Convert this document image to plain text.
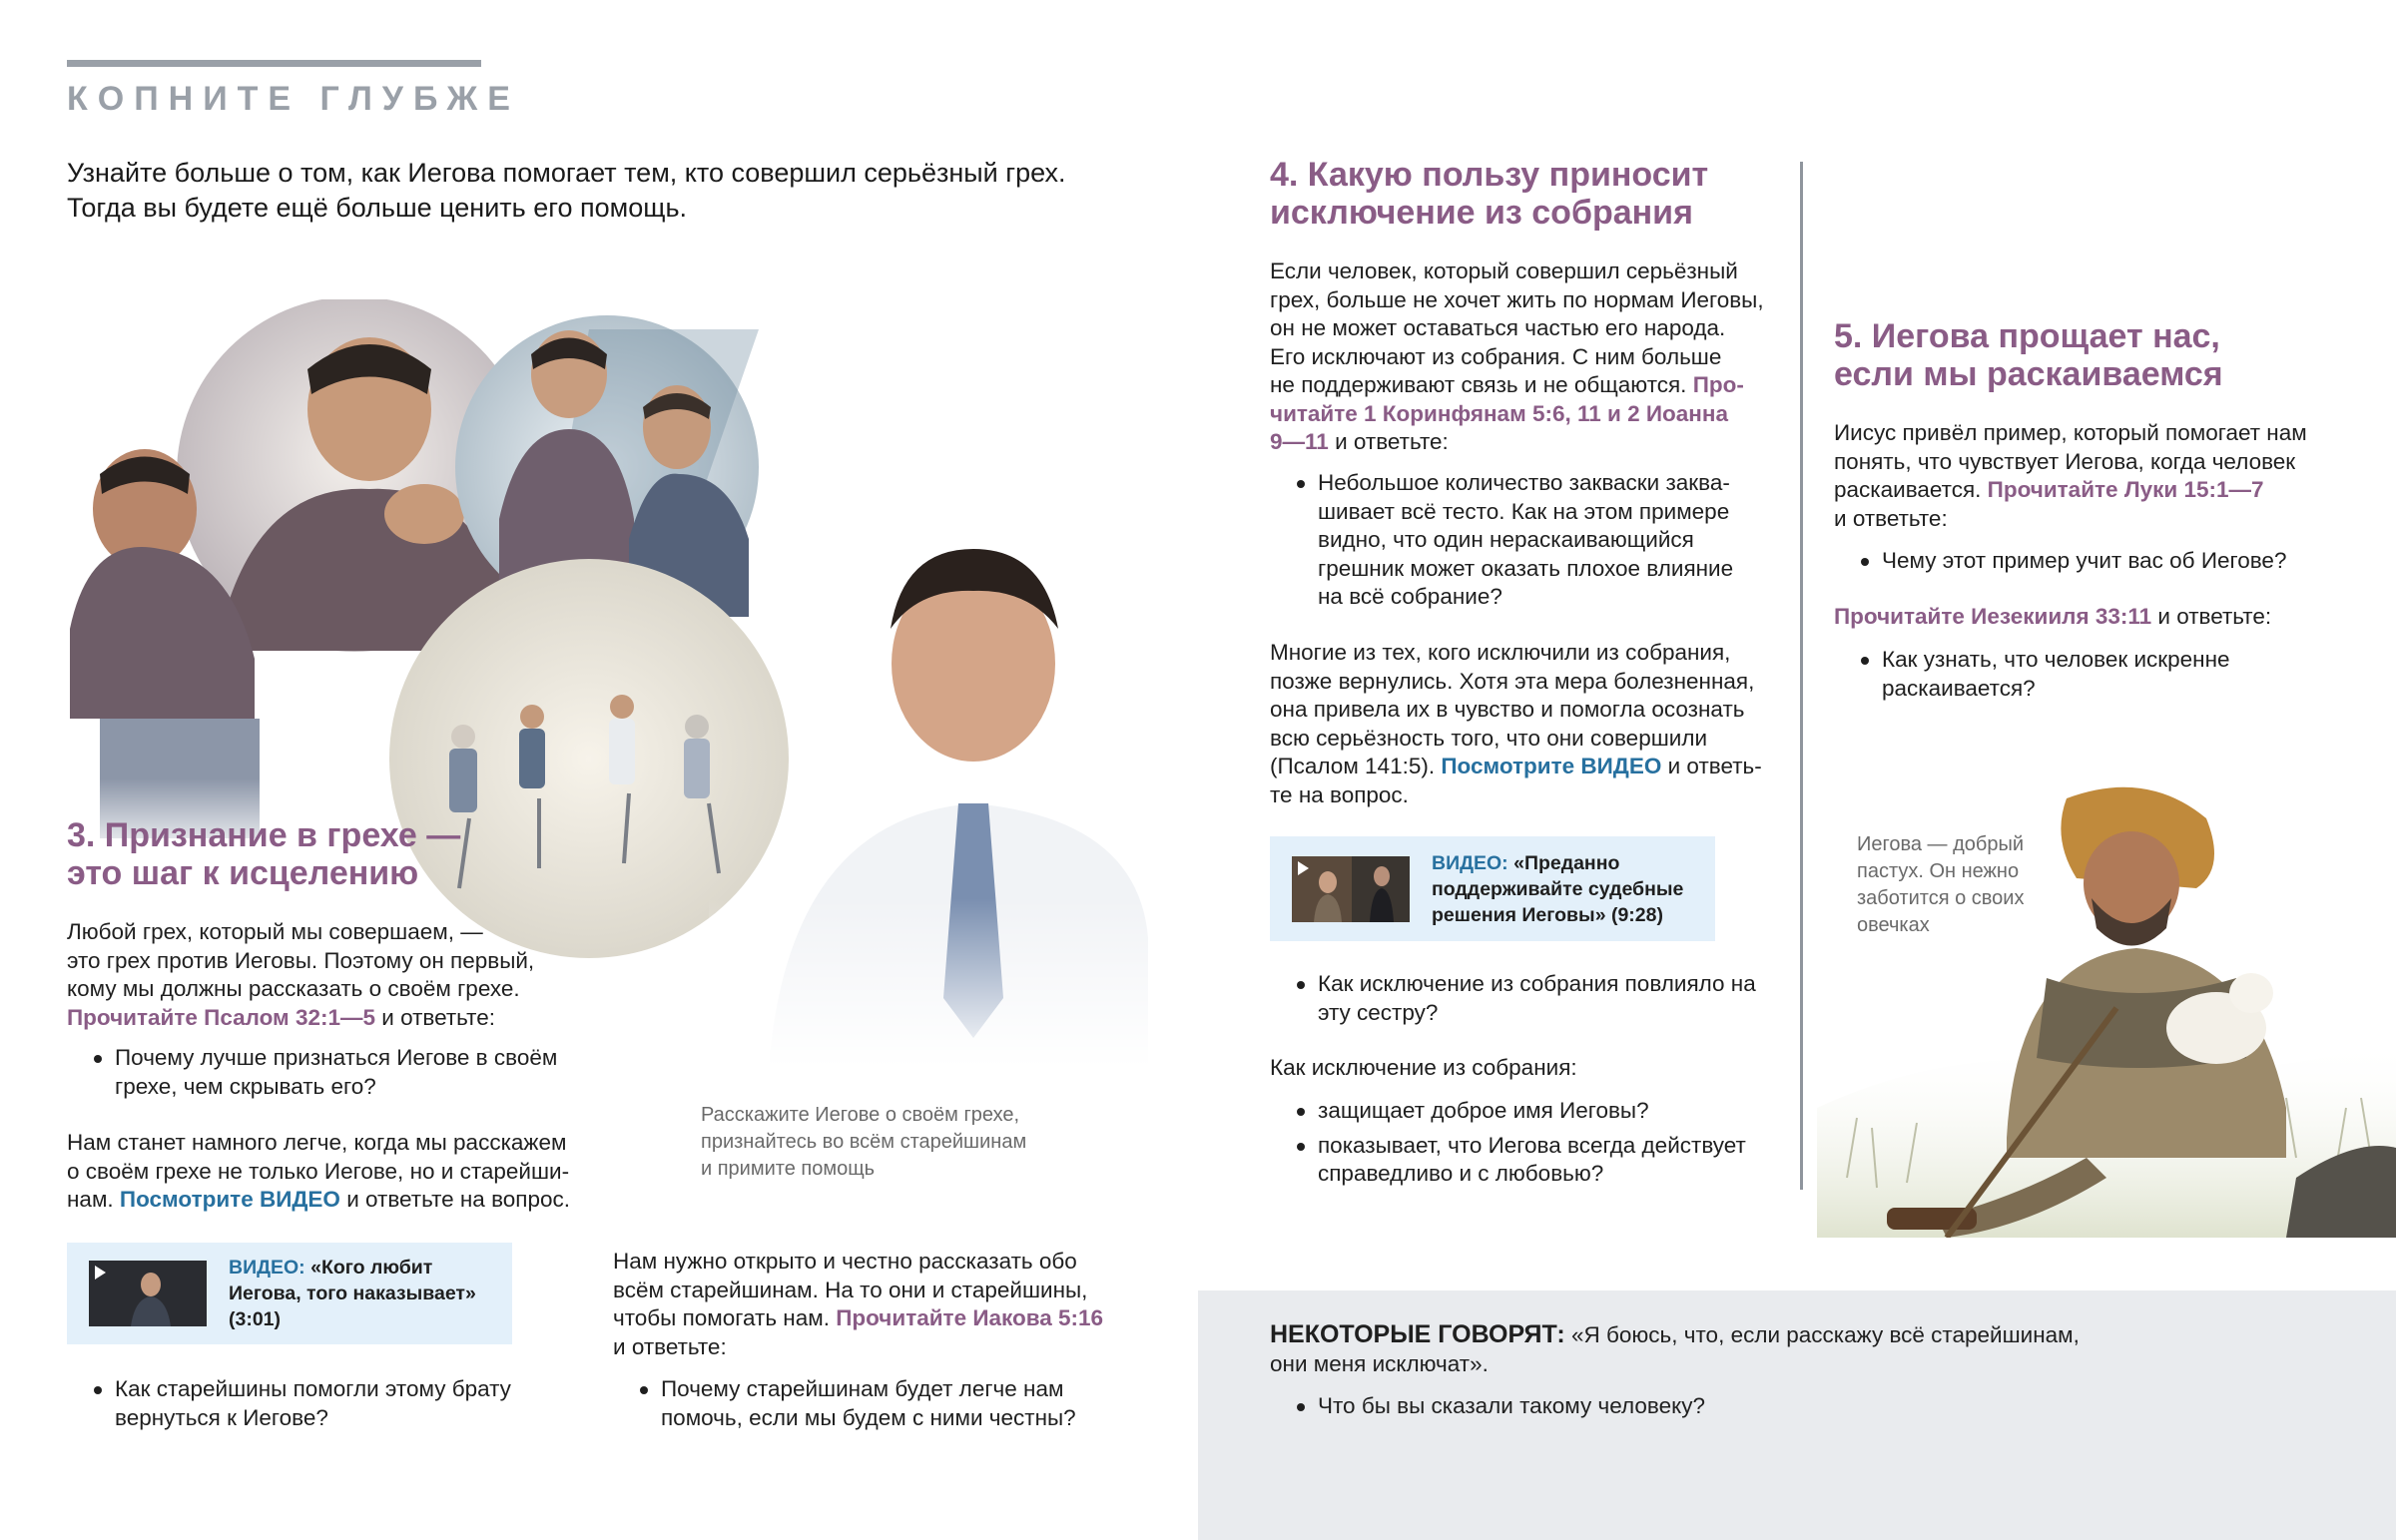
КОПНИТЕ ГЛУБЖЕ
Узнайте больше о том, как Иегова помогает тем, кто совершил серьёзный грех.
Тогда вы будете ещё больше ценить его помощь.
3. Признание в грехе —
это шаг к исцелению
Любой грех, который мы совершаем, —
это грех против Иеговы. Поэтому он первый,
кому мы должны рассказать о своём грехе.
Прочитайте Псалом 32:1—5 и ответьте:
Почему лучше признаться Иегове в своём грехе, чем скрывать его?
Нам станет намного легче, когда мы расскажем
о своём грехе не только Иегове, но и старейши-
нам. Посмотрите ВИДЕО и ответьте на вопрос.
ВИДЕО: «Кого любит Иегова, того наказывает» (3:01)
Как старейшины помогли этому брату вернуться к Иегове?
Расскажите Иегове о своём грехе,
признайтесь во всём старейшинам
и примите помощь
Нам нужно открыто и честно рассказать обо
всём старейшинам. На то они и старейшины,
чтобы помогать нам. Прочитайте Иакова 5:16
и ответьте:
Почему старейшинам будет легче нам помочь, если мы будем с ними честны?
4. Какую пользу приносит
исключение из собрания
Если человек, который совершил серьёзный
грех, больше не хочет жить по нормам Иеговы,
он не может оставаться частью его народа.
Его исключают из собрания. С ним больше
не поддерживают связь и не общаются. Про-
читайте 1 Коринфянам 5:6, 11 и 2 Иоанна
9—11 и ответьте:
Небольшое количество закваски заква-шивает всё тесто. Как на этом примере видно, что один нераскаивающийся грешник может оказать плохое влияние на всё собрание?
Многие из тех, кого исключили из собрания,
позже вернулись. Хотя эта мера болезненная,
она привела их в чувство и помогла осознать
всю серьёзность того, что они совершили
(Псалом 141:5). Посмотрите ВИДЕО и ответь-
те на вопрос.
ВИДЕО: «Преданно поддерживайте судебные решения Иеговы» (9:28)
Как исключение из собрания повлияло на эту сестру?
Как исключение из собрания:
защищает доброе имя Иеговы?
показывает, что Иегова всегда действует справедливо и с любовью?
5. Иегова прощает нас,
если мы раскаиваемся
Иисус привёл пример, который помогает нам
понять, что чувствует Иегова, когда человек
раскаивается. Прочитайте Луки 15:1—7
и ответьте:
Чему этот пример учит вас об Иегове?
Прочитайте Иезекииля 33:11 и ответьте:
Как узнать, что человек искренне раскаивается?
Иегова — добрый
пастух. Он нежно
заботится о своих
овечках
НЕКОТОРЫЕ ГОВОРЯТ: «Я боюсь, что, если расскажу всё старейшинам,
они меня исключат».
Что бы вы сказали такому человеку?
